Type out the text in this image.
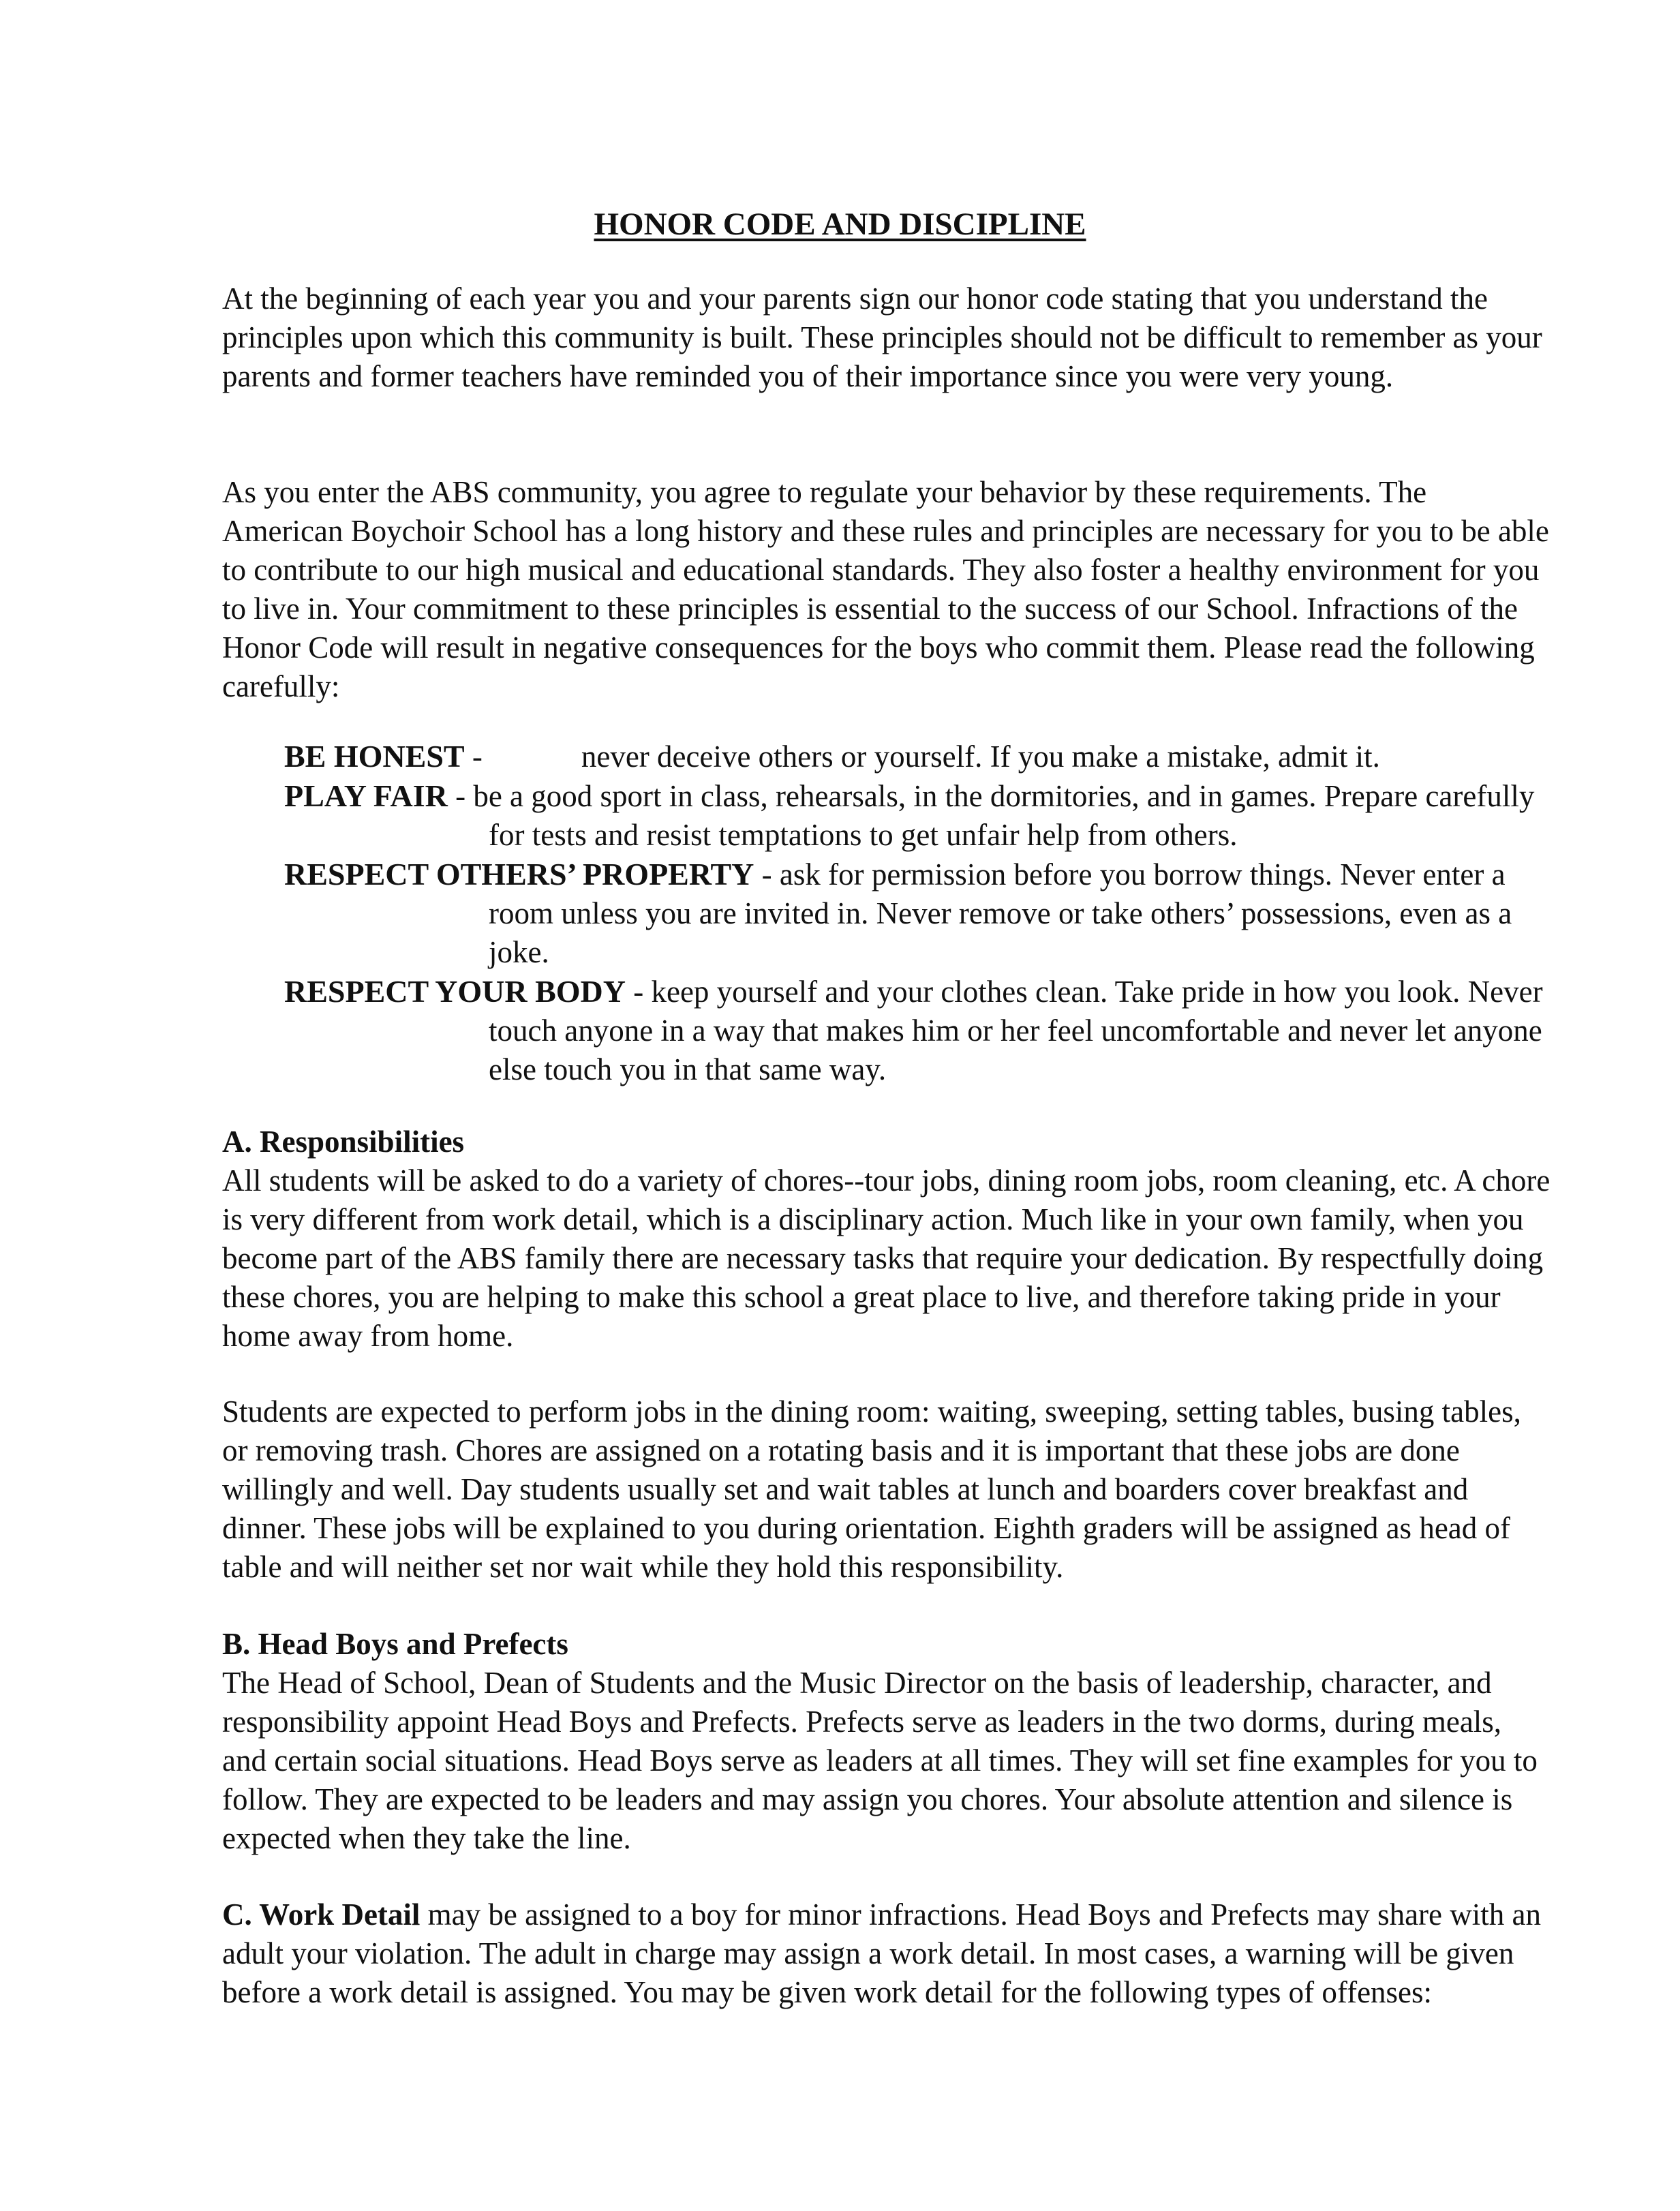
HONOR CODE AND DISCIPLINE

At the beginning of each year you and your parents sign our honor code stating that you understand the principles upon which this community is built. These principles should not be difficult to remember as your parents and former teachers have reminded you of their importance since you were very young.

As you enter the ABS community, you agree to regulate your behavior by these requirements. The American Boychoir School has a long history and these rules and principles are necessary for you to be able to contribute to our high musical and educational standards. They also foster a healthy environment for you to live in. Your commitment to these principles is essential to the success of our School. Infractions of the Honor Code will result in negative consequences for the boys who commit them. Please read the following carefully:

BE HONEST -	never deceive others or yourself. If you make a mistake, admit it.

PLAY FAIR - be a good sport in class, rehearsals, in the dormitories, and in games. Prepare carefully for tests and resist temptations to get unfair help from others.

RESPECT OTHERS’ PROPERTY - ask for permission before you borrow things. Never enter a room unless you are invited in. Never remove or take others’ possessions, even as a joke.

RESPECT YOUR BODY - keep yourself and your clothes clean. Take pride in how you look. Never touch anyone in a way that makes him or her feel uncomfortable and never let anyone else touch you in that same way.

A. Responsibilities

All students will be asked to do a variety of chores--tour jobs, dining room jobs, room cleaning, etc. A chore is very different from work detail, which is a disciplinary action. Much like in your own family, when you become part of the ABS family there are necessary tasks that require your dedication. By respectfully doing these chores, you are helping to make this school a great place to live, and therefore taking pride in your home away from home.

Students are expected to perform jobs in the dining room: waiting, sweeping, setting tables, busing tables, or removing trash. Chores are assigned on a rotating basis and it is important that these jobs are done willingly and well. Day students usually set and wait tables at lunch and boarders cover breakfast and dinner. These jobs will be explained to you during orientation. Eighth graders will be assigned as head of table and will neither set nor wait while they hold this responsibility.

B. Head Boys and Prefects

The Head of School, Dean of Students and the Music Director on the basis of leadership, character, and responsibility appoint Head Boys and Prefects. Prefects serve as leaders in the two dorms, during meals, and certain social situations. Head Boys serve as leaders at all times. They will set fine examples for you to follow. They are expected to be leaders and may assign you chores. Your absolute attention and silence is expected when they take the line.

C. Work Detail may be assigned to a boy for minor infractions. Head Boys and Prefects may share with an adult your violation. The adult in charge may assign a work detail. In most cases, a warning will be given before a work detail is assigned. You may be given work detail for the following types of offenses:
